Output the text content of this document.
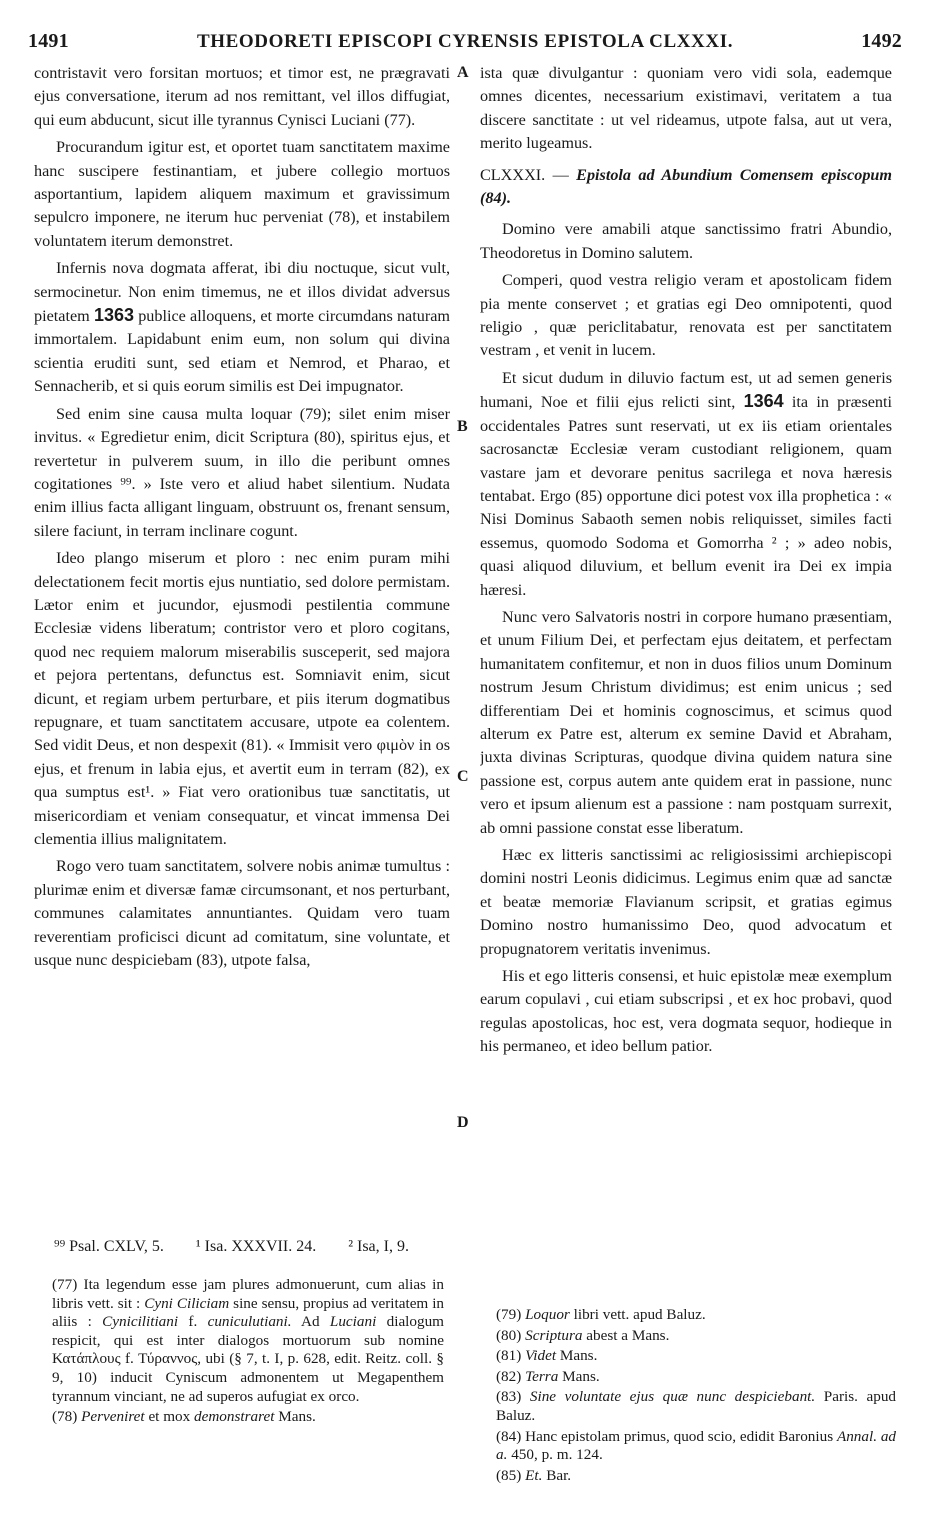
1491	THEODORETI EPISCOPI CYRENSIS EPISTOLA CLXXXI.	1492
A
B
C
D

contristavit vero forsitan mortuos; et timor est, ne prægravati ejus conversatione, iterum ad nos remittant, vel illos diffugiat, qui eum abducunt, sicut ille tyrannus Cynisci Luciani (77).

Procurandum igitur est, et oportet tuam sanctitatem maxime hanc suscipere festinantiam, et jubere collegio mortuos asportantium, lapidem aliquem maximum et gravissimum sepulcro imponere, ne iterum huc perveniat (78), et instabilem voluntatem iterum demonstret.

Infernis nova dogmata afferat, ibi diu noctuque, sicut vult, sermocinetur. Non enim timemus, ne et illos dividat adversus pietatem 1363 publice alloquens, et morte circumdans naturam immortalem. Lapidabunt enim eum, non solum qui divina scientia eruditi sunt, sed etiam et Nemrod, et Pharao, et Sennacherib, et si quis eorum similis est Dei impugnator.

Sed enim sine causa multa loquar (79); silet enim miser invitus. « Egredietur enim, dicit Scriptura (80), spiritus ejus, et revertetur in pulverem suum, in illo die peribunt omnes cogitationes ⁹⁹. » Iste vero et aliud habet silentium. Nudata enim illius facta alligant linguam, obstruunt os, frenant sensum, silere faciunt, in terram inclinare cogunt.

Ideo plango miserum et ploro : nec enim puram mihi delectationem fecit mortis ejus nuntiatio, sed dolore permistam. Lætor enim et jucundor, ejusmodi pestilentia commune Ecclesiæ videns liberatum; contristor vero et ploro cogitans, quod nec requiem malorum miserabilis susceperit, sed majora et pejora pertentans, defunctus est. Somniavit enim, sicut dicunt, et regiam urbem perturbare, et piis iterum dogmatibus repugnare, et tuam sanctitatem accusare, utpote ea colentem. Sed vidit Deus, et non despexit (81). « Immisit vero φιμὸν in os ejus, et frenum in labia ejus, et avertit eum in terram (82), ex qua sumptus est¹. » Fiat vero orationibus tuæ sanctitatis, ut misericordiam et veniam consequatur, et vincat immensa Dei clementia illius malignitatem.

Rogo vero tuam sanctitatem, solvere nobis animæ tumultus : plurimæ enim et diversæ famæ circumsonant, et nos perturbant, communes calamitates annuntiantes. Quidam vero tuam reverentiam proficisci dicunt ad comitatum, sine voluntate, et usque nunc despiciebam (83), utpote falsa,

ista quæ divulgantur : quoniam vero vidi sola, eademque omnes dicentes, necessarium existimavi, veritatem a tua discere sanctitate : ut vel rideamus, utpote falsa, aut ut vera, merito lugeamus.

CLXXXI. — Epistola ad Abundium Comensem episcopum (84).

Domino vere amabili atque sanctissimo fratri Abundio, Theodoretus in Domino salutem.

Comperi, quod vestra religio veram et apostolicam fidem pia mente conservet ; et gratias egi Deo omnipotenti, quod religio , quæ periclitabatur, renovata est per sanctitatem vestram , et venit in lucem.

Et sicut dudum in diluvio factum est, ut ad semen generis humani, Noe et filii ejus relicti sint, 1364 ita in præsenti occidentales Patres sunt reservati, ut ex iis etiam orientales sacrosanctæ Ecclesiæ veram custodiant religionem, quam vastare jam et devorare penitus sacrilega et nova hæresis tentabat. Ergo (85) opportune dici potest vox illa prophetica : « Nisi Dominus Sabaoth semen nobis reliquisset, similes facti essemus, quomodo Sodoma et Gomorrha ² ; » adeo nobis, quasi aliquod diluvium, et bellum evenit ira Dei ex impia hæresi.

Nunc vero Salvatoris nostri in corpore humano præsentiam, et unum Filium Dei, et perfectam ejus deitatem, et perfectam humanitatem confitemur, et non in duos filios unum Dominum nostrum Jesum Christum dividimus; est enim unicus ; sed differentiam Dei et hominis cognoscimus, et scimus quod alterum ex Patre est, alterum ex semine David et Abraham, juxta divinas Scripturas, quodque divina quidem natura sine passione est, corpus autem ante quidem erat in passione, nunc vero et ipsum alienum est a passione : nam postquam surrexit, ab omni passione constat esse liberatum.

Hæc ex litteris sanctissimi ac religiosissimi archiepiscopi domini nostri Leonis didicimus. Legimus enim quæ ad sanctæ et beatæ memoriæ Flavianum scripsit, et gratias egimus Domino nostro humanissimo Deo, quod advocatum et propugnatorem veritatis invenimus.

His et ego litteris consensi, et huic epistolæ meæ exemplum earum copulavi , cui etiam subscripsi , et ex hoc probavi, quod regulas apostolicas, hoc est, vera dogmata sequor, hodieque in his permaneo, et ideo bellum patior.

⁹⁹ Psal. CXLV, 5. ¹ Isa. XXXVII. 24. ² Isa, I, 9.

(77) Ita legendum esse jam plures admonuerunt, cum alias in libris vett. sit : Cyni Ciliciam sine sensu, propius ad veritatem in aliis : Cynicilitiani f. cuniculutiani. Ad Luciani dialogum respicit, qui est inter dialogos mortuorum sub nomine Κατάπλους f. Τύραννος, ubi (§ 7, t. I, p. 628, edit. Reitz. coll. § 9, 10) inducit Cyniscum admonentem ut Megapenthem tyrannum vinciant, ne ad superos aufugiat ex orco.

(78) Perveniret et mox demonstraret Mans.

(79) Loquor libri vett. apud Baluz.

(80) Scriptura abest a Mans.

(81) Videt Mans.

(82) Terra Mans.

(83) Sine voluntate ejus quæ nunc despiciebant. Paris. apud Baluz.

(84) Hanc epistolam primus, quod scio, edidit Baronius Annal. ad a. 450, p. m. 124.

(85) Et. Bar.
